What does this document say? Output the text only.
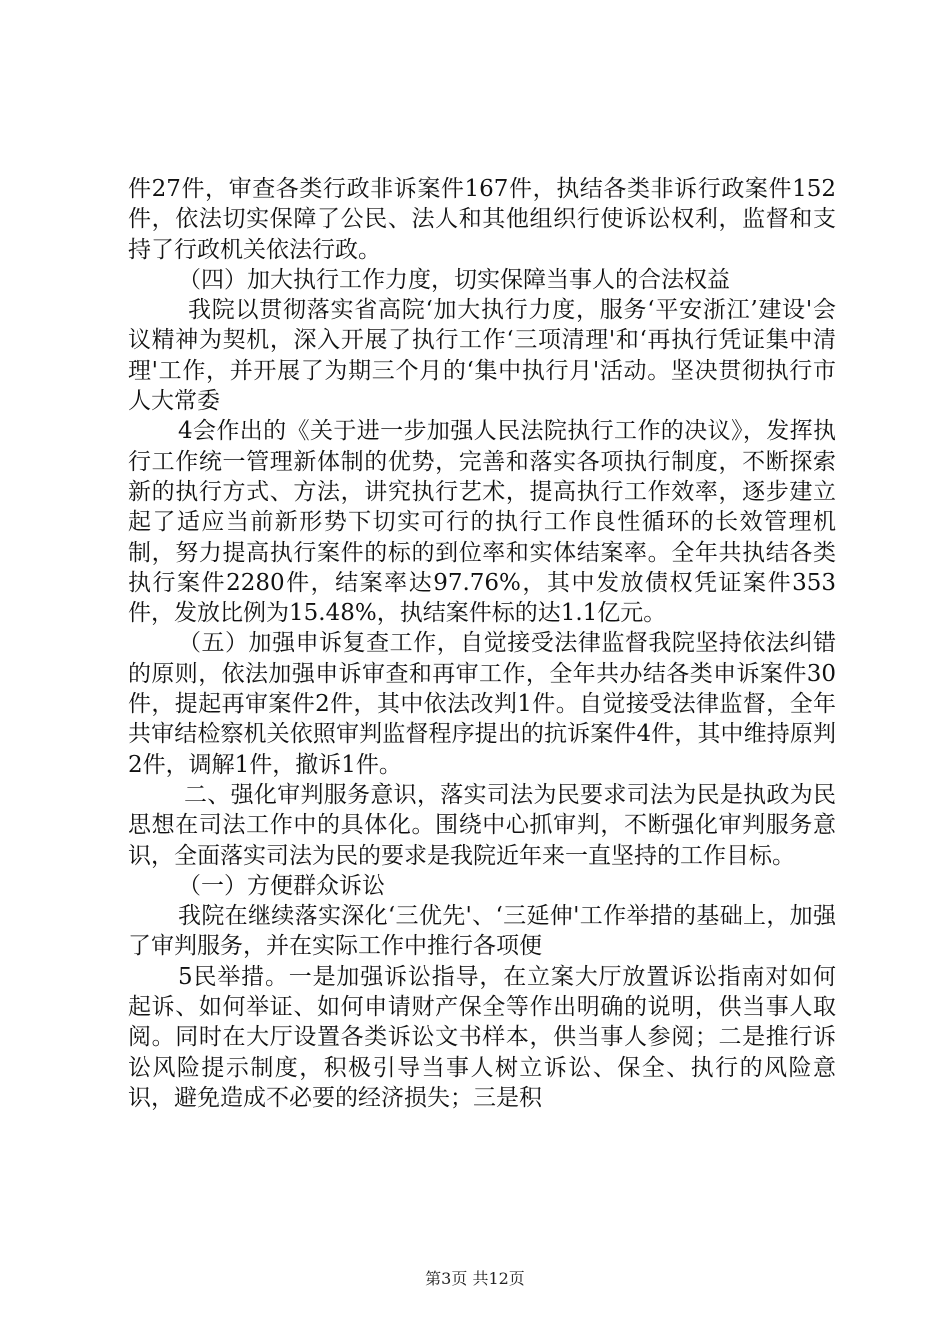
件27件，审查各类行政非诉案件167件，执结各类非诉行政案件152件，依法切实保障了公民、法人和其他组织行使诉讼权利，监督和支持了行政机关依法行政。

（四）加大执行工作力度，切实保障当事人的合法权益

我院以贯彻落实省高院‘加大执行力度，服务‘平安浙江’建设'会议精神为契机，深入开展了执行工作‘三项清理'和‘再执行凭证集中清理'工作，并开展了为期三个月的‘集中执行月'活动。坚决贯彻执行市人大常委

4会作出的《关于进一步加强人民法院执行工作的决议》，发挥执行工作统一管理新体制的优势，完善和落实各项执行制度，不断探索新的执行方式、方法，讲究执行艺术，提高执行工作效率，逐步建立起了适应当前新形势下切实可行的执行工作良性循环的长效管理机制，努力提高执行案件的标的到位率和实体结案率。全年共执结各类执行案件2280件，结案率达97.76%，其中发放债权凭证案件353件，发放比例为15.48%，执结案件标的达1.1亿元。

（五）加强申诉复查工作，自觉接受法律监督我院坚持依法纠错的原则，依法加强申诉审查和再审工作，全年共办结各类申诉案件30件，提起再审案件2件，其中依法改判1件。自觉接受法律监督，全年共审结检察机关依照审判监督程序提出的抗诉案件4件，其中维持原判2件，调解1件，撤诉1件。

二、强化审判服务意识，落实司法为民要求司法为民是执政为民思想在司法工作中的具体化。围绕中心抓审判，不断强化审判服务意识，全面落实司法为民的要求是我院近年来一直坚持的工作目标。

（一）方便群众诉讼

我院在继续落实深化‘三优先'、‘三延伸'工作举措的基础上，加强了审判服务，并在实际工作中推行各项便

5民举措。一是加强诉讼指导，在立案大厅放置诉讼指南对如何起诉、如何举证、如何申请财产保全等作出明确的说明，供当事人取阅。同时在大厅设置各类诉讼文书样本，供当事人参阅；二是推行诉讼风险提示制度，积极引导当事人树立诉讼、保全、执行的风险意识，避免造成不必要的经济损失；三是积

第3页 共12页
